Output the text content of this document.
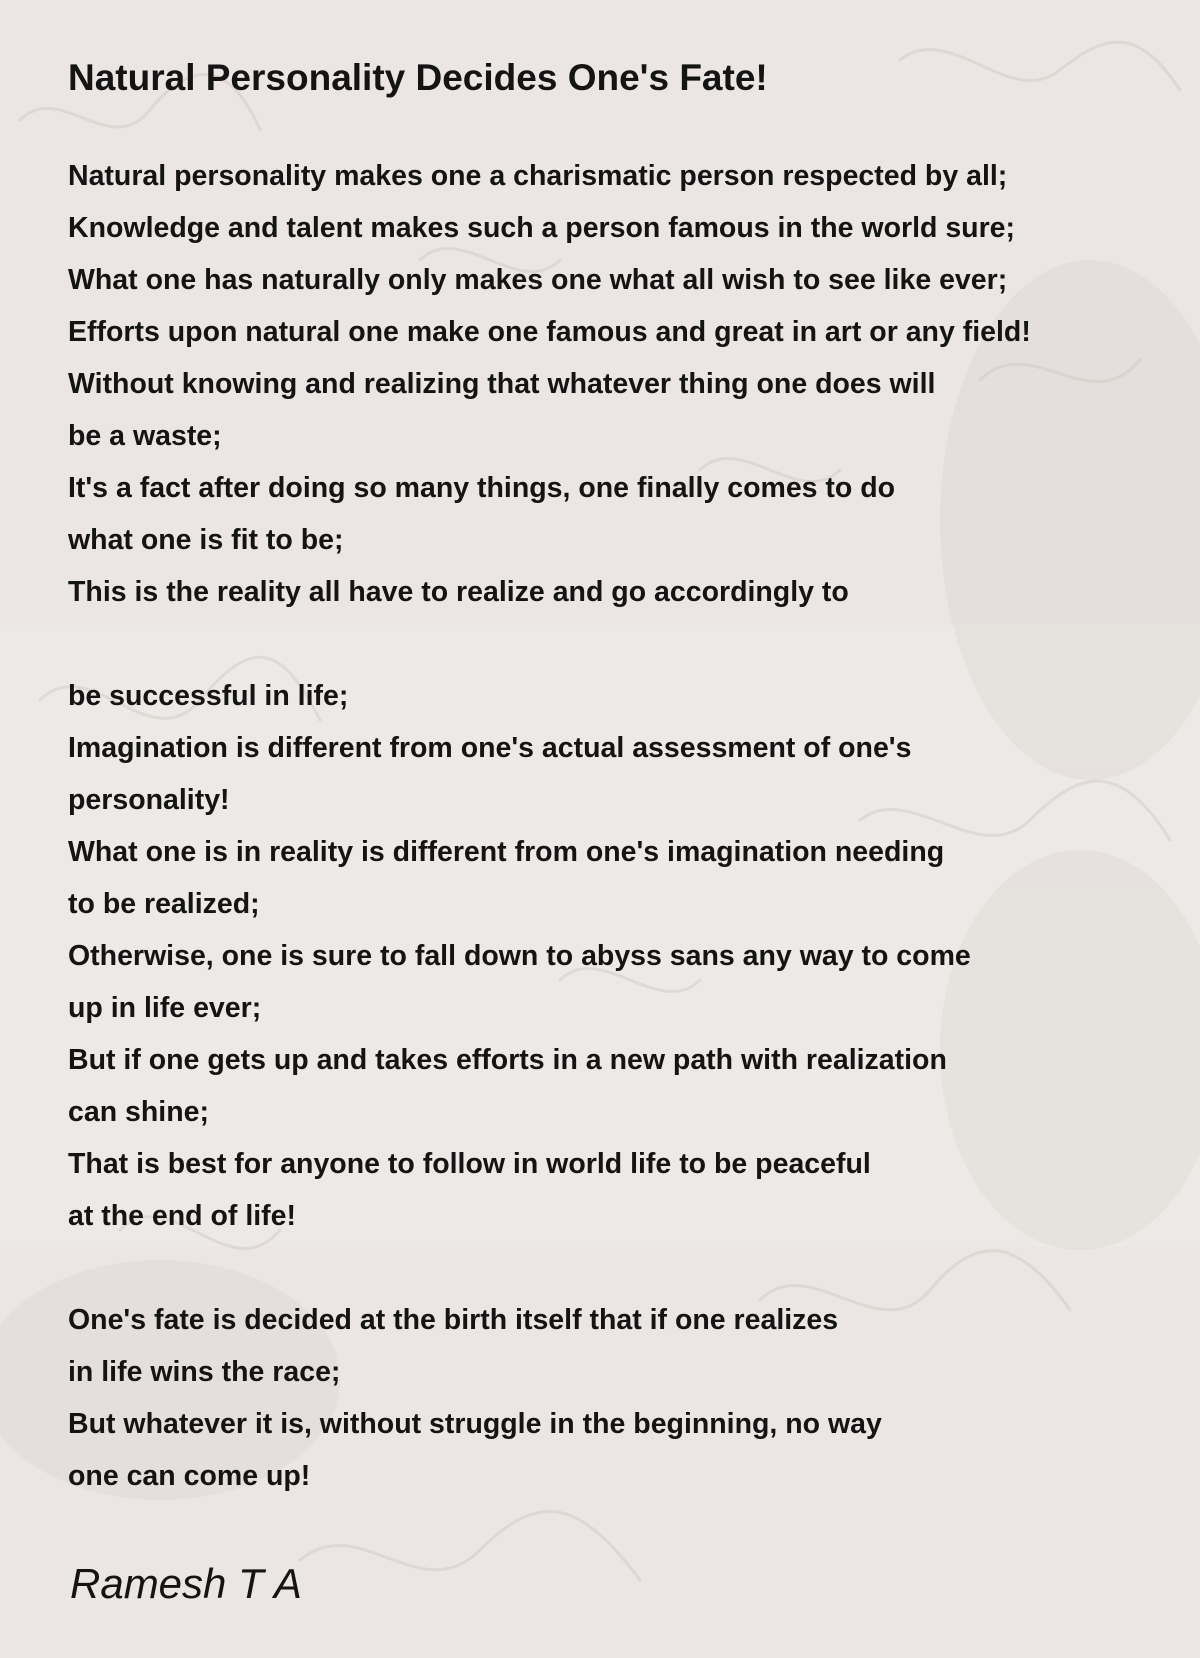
Natural Personality Decides One's Fate!
Natural personality makes one a charismatic person respected by all;
Knowledge and talent makes such a person famous in the world sure;
What one has naturally only makes one what all wish to see like ever;
Efforts upon natural one make one famous and great in art or any field!
Without knowing and realizing that whatever thing one does will
be a waste;
It's a fact after doing so many things, one finally comes to do
what one is fit to be;
This is the reality all have to realize and go accordingly to
be successful in life;
Imagination is different from one's actual assessment of one's
personality!
What one is in reality is different from one's imagination needing
to be realized;
Otherwise, one is sure to fall down to abyss sans any way to come
up in life ever;
But if one gets up and takes efforts in a new path with realization
can shine;
That is best for anyone to follow in world life to be peaceful
at the end of life!
One's fate is decided at the birth itself that if one realizes
in life wins the race;
But whatever it is, without struggle in the beginning, no way
one can come up!

Ramesh T A
